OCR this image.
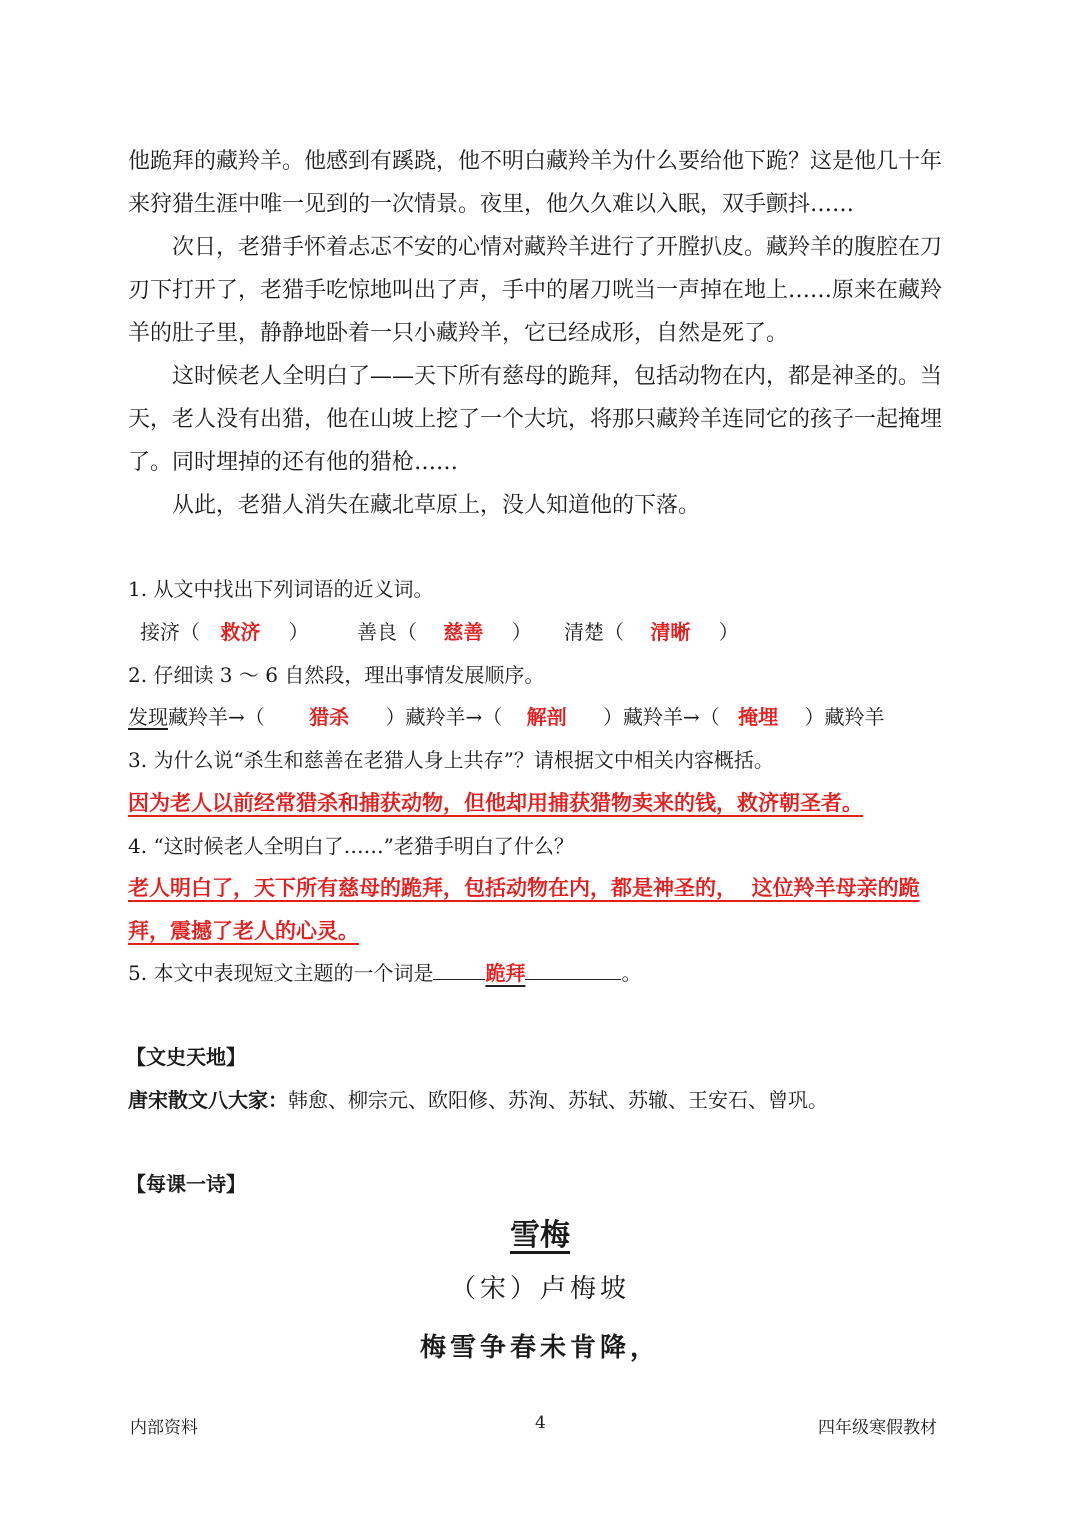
他跪拜的藏羚羊。他感到有蹊跷，他不明白藏羚羊为什么要给他下跪？这是他几十年
来狩猎生涯中唯一见到的一次情景。夜里，他久久难以入眠，双手颤抖……
次日，老猎手怀着忐忑不安的心情对藏羚羊进行了开膛扒皮。藏羚羊的腹腔在刀
刃下打开了，老猎手吃惊地叫出了声，手中的屠刀咣当一声掉在地上……原来在藏羚
羊的肚子里，静静地卧着一只小藏羚羊，它已经成形，自然是死了。
这时候老人全明白了——天下所有慈母的跪拜，包括动物在内，都是神圣的。当
天，老人没有出猎，他在山坡上挖了一个大坑，将那只藏羚羊连同它的孩子一起掩埋
了。同时埋掉的还有他的猎枪……
从此，老猎人消失在藏北草原上，没人知道他的下落。
1. 从文中找出下列词语的近义词。
接济（ 救济 ） 善良（ 慈善 ） 清楚（ 清晰 ）
2. 仔细读 3 ～ 6 自然段，理出事情发展顺序。
发现藏羚羊→（ 猎杀 ）藏羚羊→（ 解剖 ）藏羚羊→（ 掩埋 ）藏羚羊
3. 为什么说“杀生和慈善在老猎人身上共存”？请根据文中相关内容概括。
因为老人以前经常猎杀和捕获动物，但他却用捕获猎物卖来的钱，救济朝圣者。
4. “这时候老人全明白了……”老猎手明白了什么？
老人明白了，天下所有慈母的跪拜，包括动物在内，都是神圣的，  这位羚羊母亲的跪
拜，震撼了老人的心灵。
5. 本文中表现短文主题的一个词是	跪拜	。
【文史天地】
唐宋散文八大家：韩愈、柳宗元、欧阳修、苏洵、苏轼、苏辙、王安石、曾巩。
【每课一诗】
雪梅
（宋）卢梅坡
梅雪争春未肯降，
内部资料	4	四年级寒假教材
